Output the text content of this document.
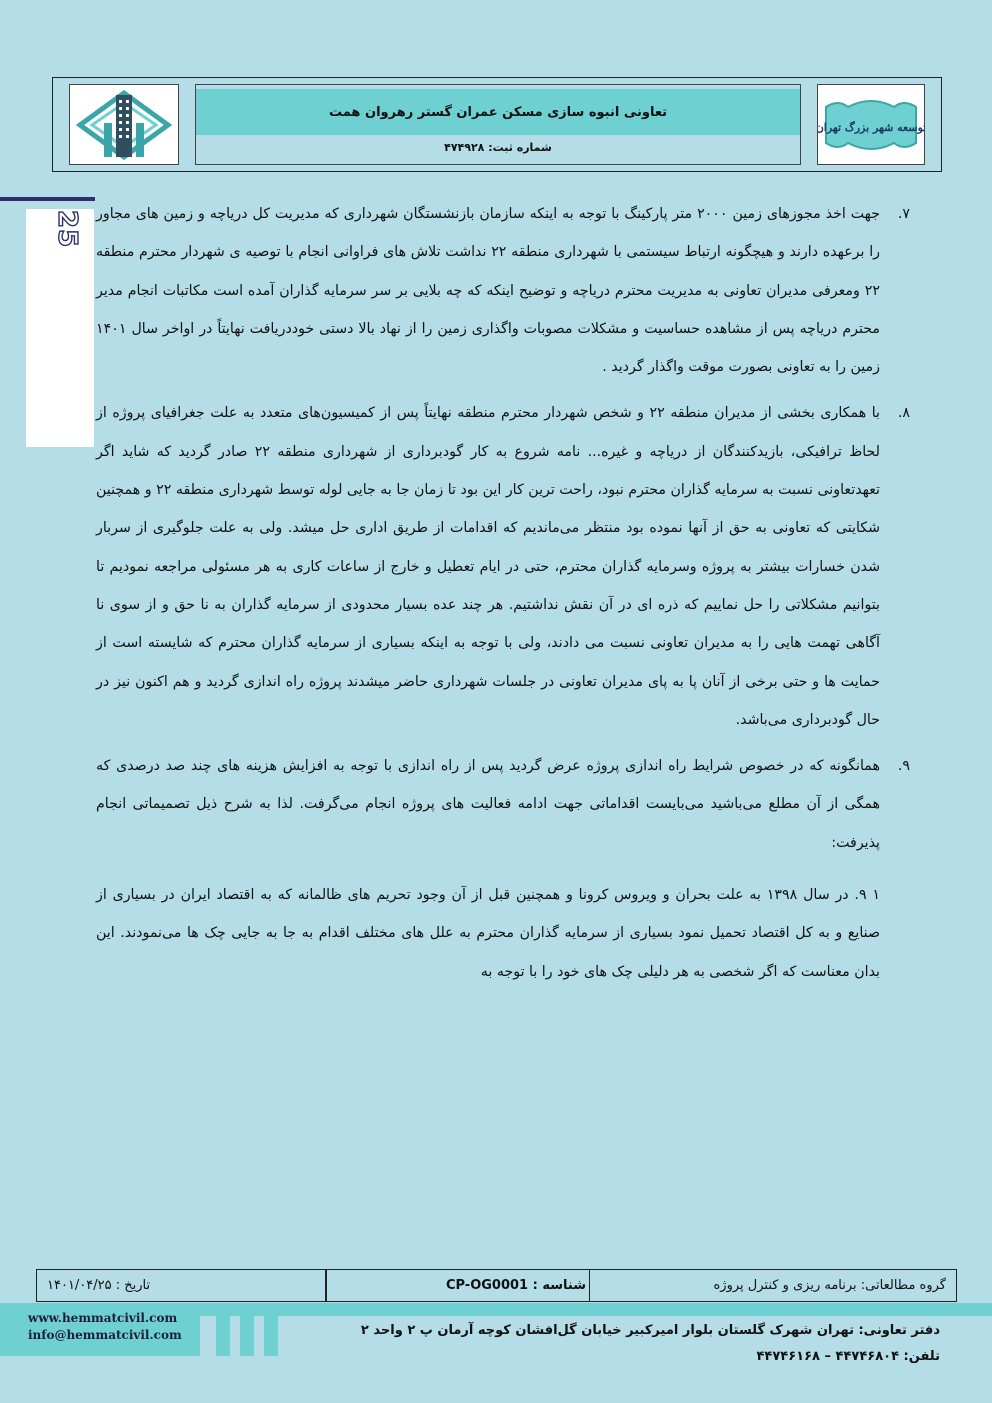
تعاونی انبوه سازی مسکن عمران گستر رهروان همت
شماره ثبت: ۴۷۴۹۲۸
توسعه شهر بزرگ تهران
25	۷.
جهت اخذ مجوزهای زمین ۲۰۰۰ متر پارکینگ با توجه به اینکه سازمان بازنشستگان شهرداری که مدیریت کل دریاچه و زمین های مجاور را برعهده دارند و هیچگونه ارتباط سیستمی با شهرداری منطقه ۲۲ نداشت تلاش های فراوانی انجام با توصیه ی شهردار محترم منطقه ۲۲ ومعرفی مدیران تعاونی به مدیریت محترم دریاچه و توضیح اینکه که چه بلایی بر سر سرمایه گذاران آمده است مکاتبات انجام مدیر محترم دریاچه پس از مشاهده حساسیت و مشکلات مصوبات واگذاری زمین را از نهاد بالا دستی خوددریافت نهایتاً در اواخر سال ۱۴۰۱ زمین را به تعاونی بصورت موقت واگذار گردید .

۸.
با همکاری بخشی از مدیران منطقه ۲۲ و شخص شهردار محترم منطقه نهایتاً پس از کمیسیون‌های متعدد به علت جغرافیای پروژه از لحاظ ترافیکی، بازیدکنندگان از دریاچه و غیره... نامه شروع به کار گودبرداری از شهرداری منطقه ۲۲ صادر گردید که شاید اگر تعهدتعاونی نسبت به سرمایه گذاران محترم نبود، راحت ترین کار این بود تا زمان جا به جایی لوله توسط شهرداری منطقه ۲۲ و همچنین شکایتی که تعاونی به حق از آنها نموده بود منتظر می‌ماندیم که اقدامات از طریق اداری حل میشد. ولی به علت جلوگیری از سربار شدن خسارات بیشتر به پروژه وسرمایه گذاران محترم، حتی در ایام تعطیل و خارج از ساعات کاری به هر مسئولی مراجعه نمودیم تا بتوانیم مشکلاتی را حل نماییم که ذره ای در آن نقش نداشتیم. هر چند عده بسیار محدودی از سرمایه گذاران به نا حق و از سوی نا آگاهی تهمت هایی را به مدیران تعاونی نسبت می دادند، ولی با توجه به اینکه بسیاری از سرمایه گذاران محترم که شایسته است از حمایت ها و حتی برخی از آنان پا به پای مدیران تعاونی در جلسات شهرداری حاضر میشدند پروژه راه اندازی گردید و هم اکنون نیز در حال گودبرداری می‌باشد.

۹.
همانگونه که در خصوص شرایط راه اندازی پروژه عرض گردید پس از راه اندازی با توجه به افزایش هزینه های چند صد درصدی که همگی از آن مطلع می‌باشید می‌بایست اقداماتی جهت ادامه فعالیت های پروژه انجام می‌گرفت. لذا به شرح ذیل تصمیماتی انجام پذیرفت:

۱ ۹. در سال ۱۳۹۸ به علت بحران و ویروس کرونا و همچنین قبل از آن وجود تحریم های ظالمانه که به اقتصاد ایران در بسیاری از صنایع و به کل اقتصاد تحمیل نمود بسیاری از سرمایه گذاران محترم به علل های مختلف اقدام به جا به جایی چک ها می‌نمودند. این بدان معناست که اگر شخصی به هر دلیلی چک های خود را با توجه به

گروه مطالعاتی: برنامه ریزی و کنترل پروژه
شناسه : CP-OG0001
تاریخ : ۱۴۰۱/۰۴/۲۵
www.hemmatcivil.com
info@hemmatcivil.com	دفتر تعاونی: تهران شهرک گلستان بلوار امیرکبیر خیابان گل‌افشان کوچه آرمان پ ۲ واحد ۲
تلفن: ۴۴۷۴۶۸۰۴ – ۴۴۷۴۶۱۶۸
